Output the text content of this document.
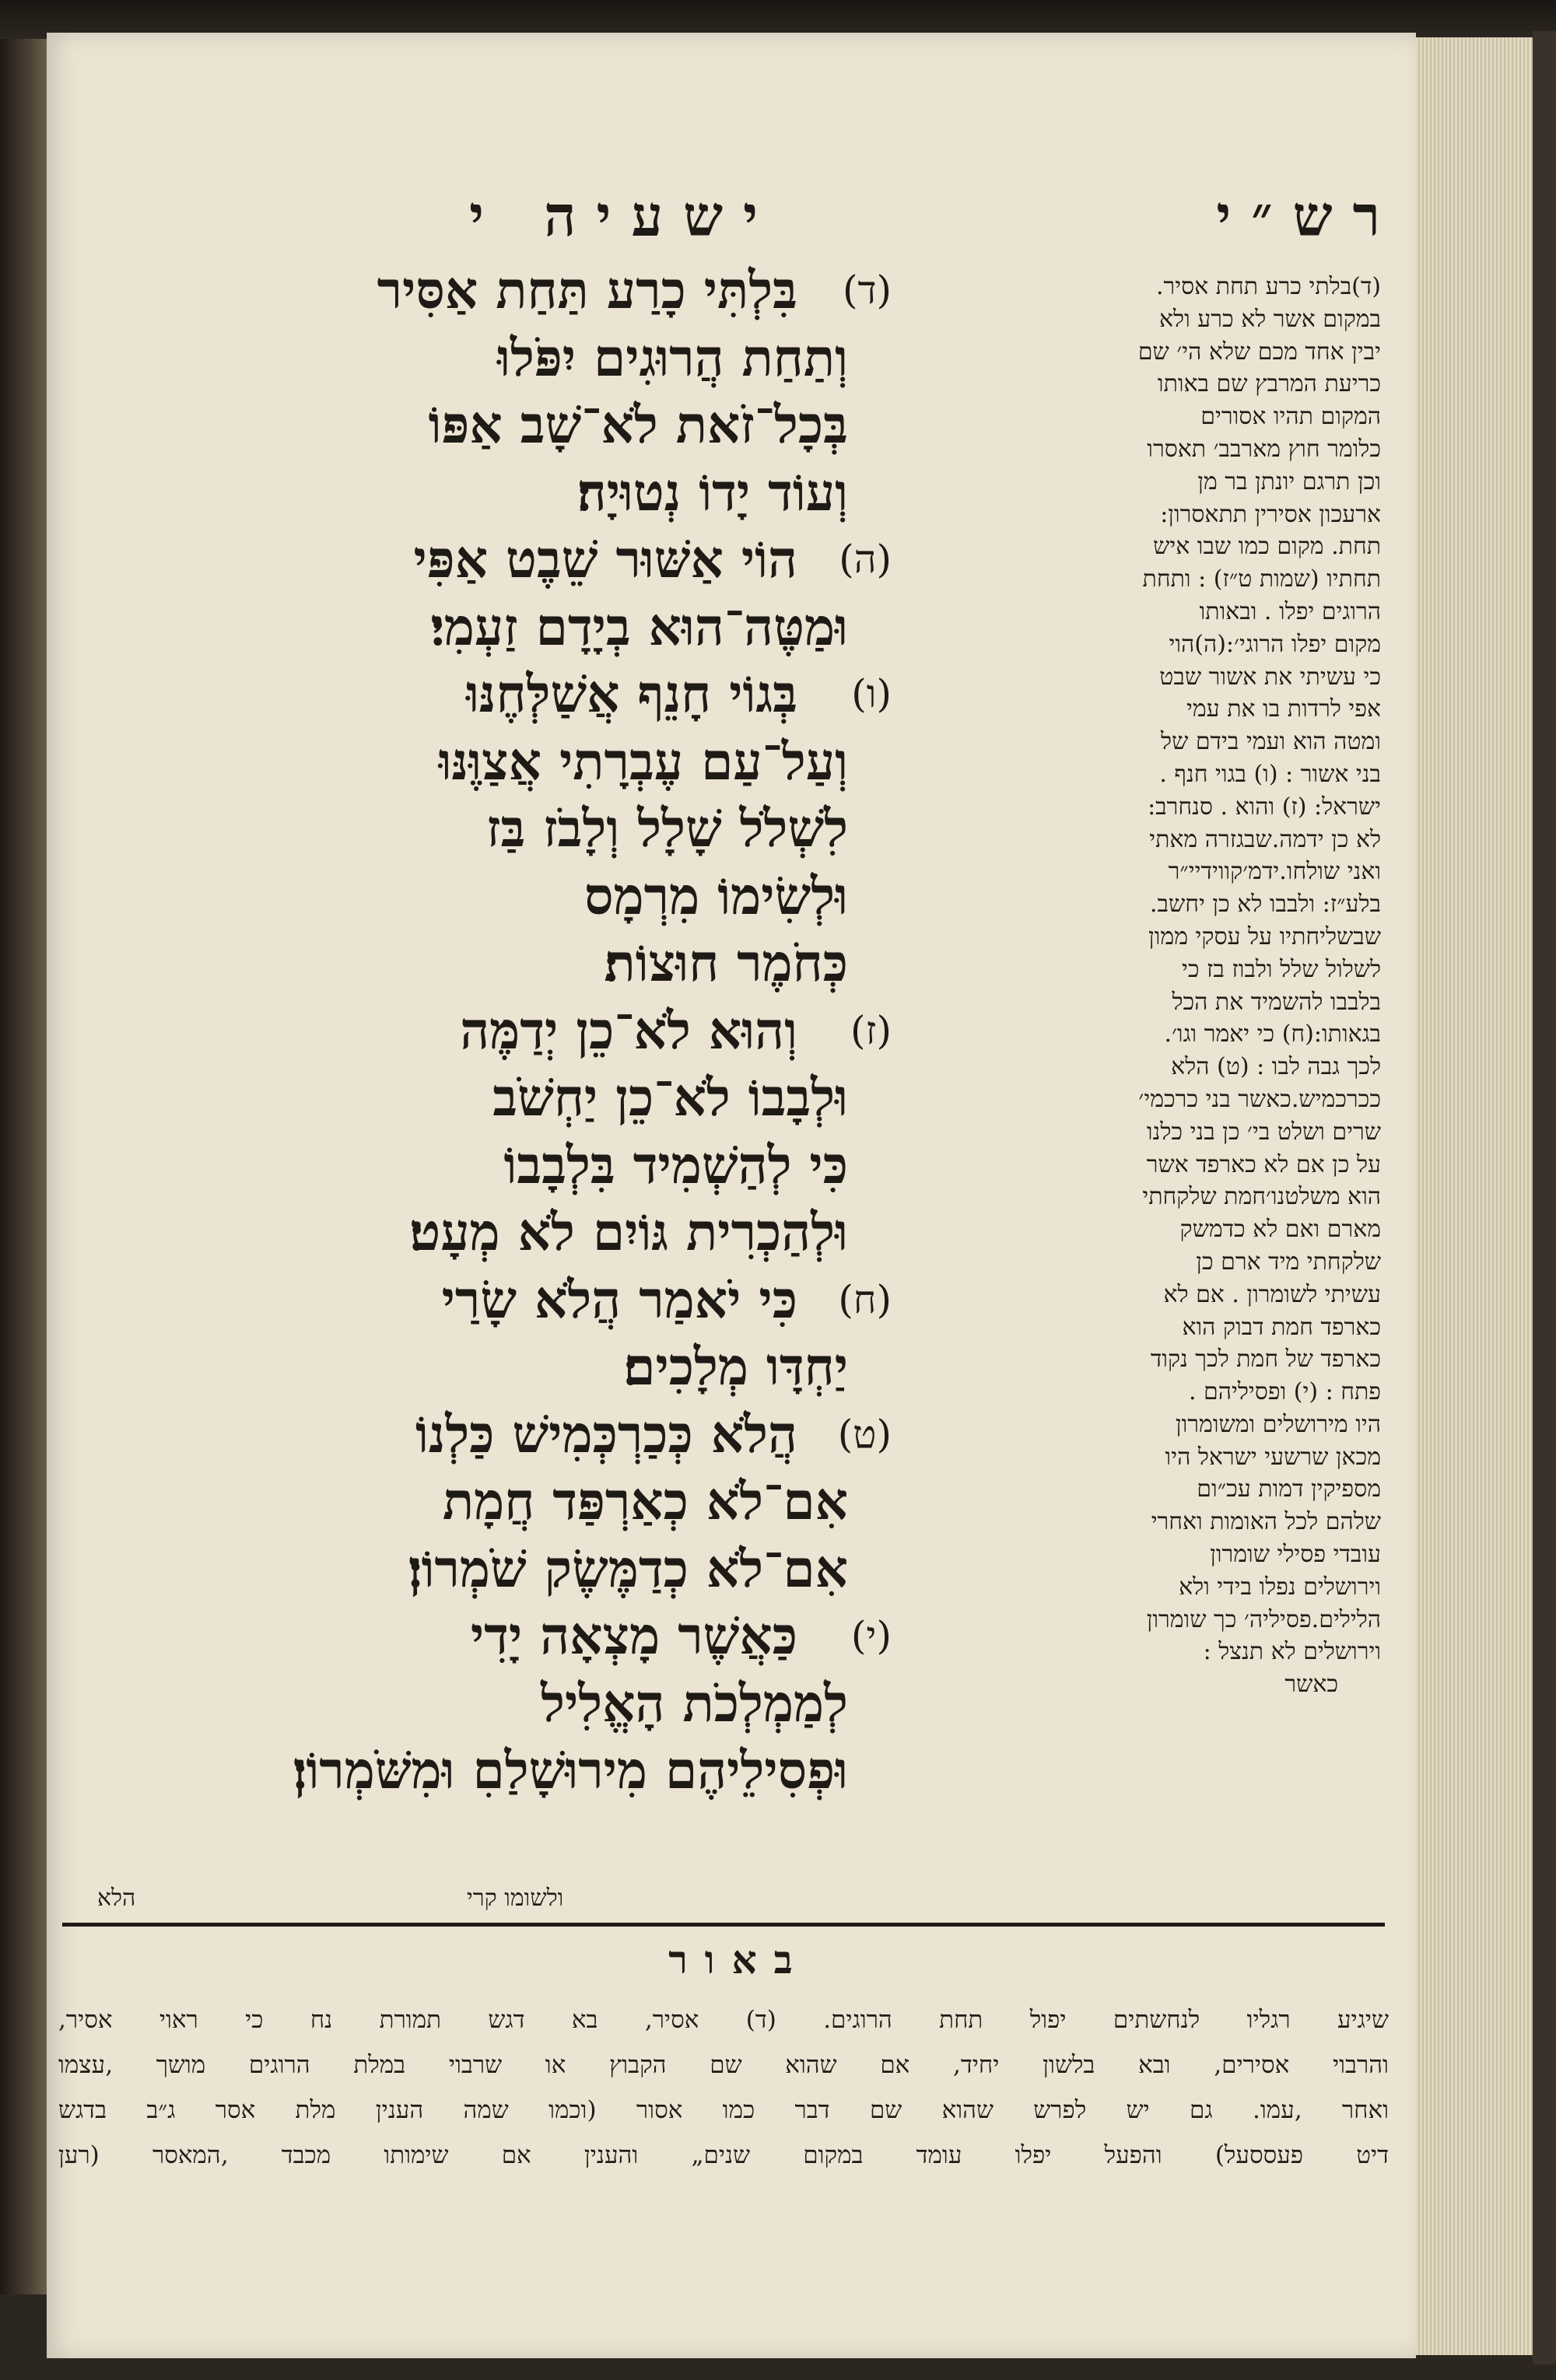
ישעיה י	רש״י
(ד)
בִּלְתִּי כָרַע תַּחַת אַסִּיר
וְתַחַת הֲרוּגִים יִפֹּלוּ
בְּכָל־זֹאת לֹא־שָׁב אַפּוֹ
וְעוֹד יָדוֹ נְטוּיָה׃
(ה)
הוֹי אַשּׁוּר שֵׁבֶט אַפִּי
וּמַטֶּה־הוּא בְיָדָם זַעְמִי׃
(ו)
בְּגוֹי חָנֵף אֲשַׁלְּחֶנּוּ
וְעַל־עַם עֶבְרָתִי אֲצַוֶּנּוּ
לִשְׁלֹל שָׁלָל וְלָבֹז בַּז
וּלְשִׂימוֹ מִרְמָס
כְּחֹמֶר חוּצוֹת׃
(ז)
וְהוּא לֹא־כֵן יְדַמֶּה
וּלְבָבוֹ לֹא־כֵן יַחְשֹׁב
כִּי לְהַשְׁמִיד בִּלְבָבוֹ
וּלְהַכְרִית גּוֹיִם לֹא מְעָט׃
(ח)
כִּי יֹאמַר הֲלֹא שָׂרַי
יַחְדָּו מְלָכִים׃
(ט)
הֲלֹא כְּכַרְכְּמִישׁ כַּלְנוֹ
אִם־לֹא כְאַרְפַּד חֲמָת
אִם־לֹא כְדַמֶּשֶׂק שֹׁמְרוֹן׃
(י)
כַּאֲשֶׁר מָצְאָה יָדִי
לְמַמְלְכֹת הָאֱלִיל
וּפְסִילֵיהֶם מִירוּשָׁלַםִ וּמִשֹּׁמְרוֹן׃
(ד)בלתי כרע תחת אסיר.
במקום אשר לא כרע ולא
יבין אחד מכם שלא הי׳ שם
כריעת המרבץ שם באותו
המקום תהיו אסורים
כלומר חוץ מארבב׳ תאסרו
וכן תרגם יונתן בר מן
ארעכון אסירין תתאסרון:
תחת. מקום כמו שבו איש
תחתיו (שמות ט״ז) : ותחת
הרוגים יפלו . ובאותו
מקום יפלו הרוגי׳:(ה)הוי
כי עשיתי את אשור שבט
אפי לרדות בו את עמי
ומטה הוא ועמי בידם של
בני אשור : (ו) בגוי חנף .
ישראל: (ז) והוא . סנחרב:
לא כן ידמה.שבגזרה מאתי
ואני שולחו.ידמ׳קווידיי״ר
בלע״ז: ולבבו לא כן יחשב.
שבשליחתיו על עסקי ממון
לשלול שלל ולבוז בז כי
בלבבו להשמיד את הכל
בגאותו:(ח) כי יאמר וגו׳.
לכך גבה לבו : (ט) הלא
ככרכמיש.כאשר בני כרכמי׳
שרים ושלט בי׳ כן בני כלנו
על כן אם לא כארפד אשר
הוא משלטנו׳חמת שלקחתי
מארם ואם לא כדמשק
שלקחתי מיד ארם כן
עשיתי לשומרון . אם לא
כארפד חמת דבוק הוא
כארפד של חמת לכך נקוד
פתח : (י) ופסיליהם .
היו מירושלים ומשומרון
מכאן שרשעי ישראל היו
מספיקין דמות עכ״ום
שלהם לכל האומות ואחרי
עובדי פסילי שומרון
וירושלים נפלו בידי ולא
הלילים.פסיליה׳ כך שומרון
וירושלים לא תנצל :
כאשר
ולשומו קרי
הלא
באור
שיגיע רגליו לנחשתים יפול תחת הרוגים. (ד) אסיר, בא דגש תמורת נח כי ראוי אסיר,
והרבוי אסירים, ובא בלשון יחיד, אם שהוא שם הקבוץ או שרבוי במלת הרוגים מושך ‚עצמו
ואחר ‚עמו. גם יש לפרש שהוא שם דבר כמו אסור (וכמו שמה הענין מלת אסר ג״ב בדגש
דיט פעססעל) והפעל יפלו עומד במקום שנים„ והענין אם שימותו מכבד ‚המאסר (רען
